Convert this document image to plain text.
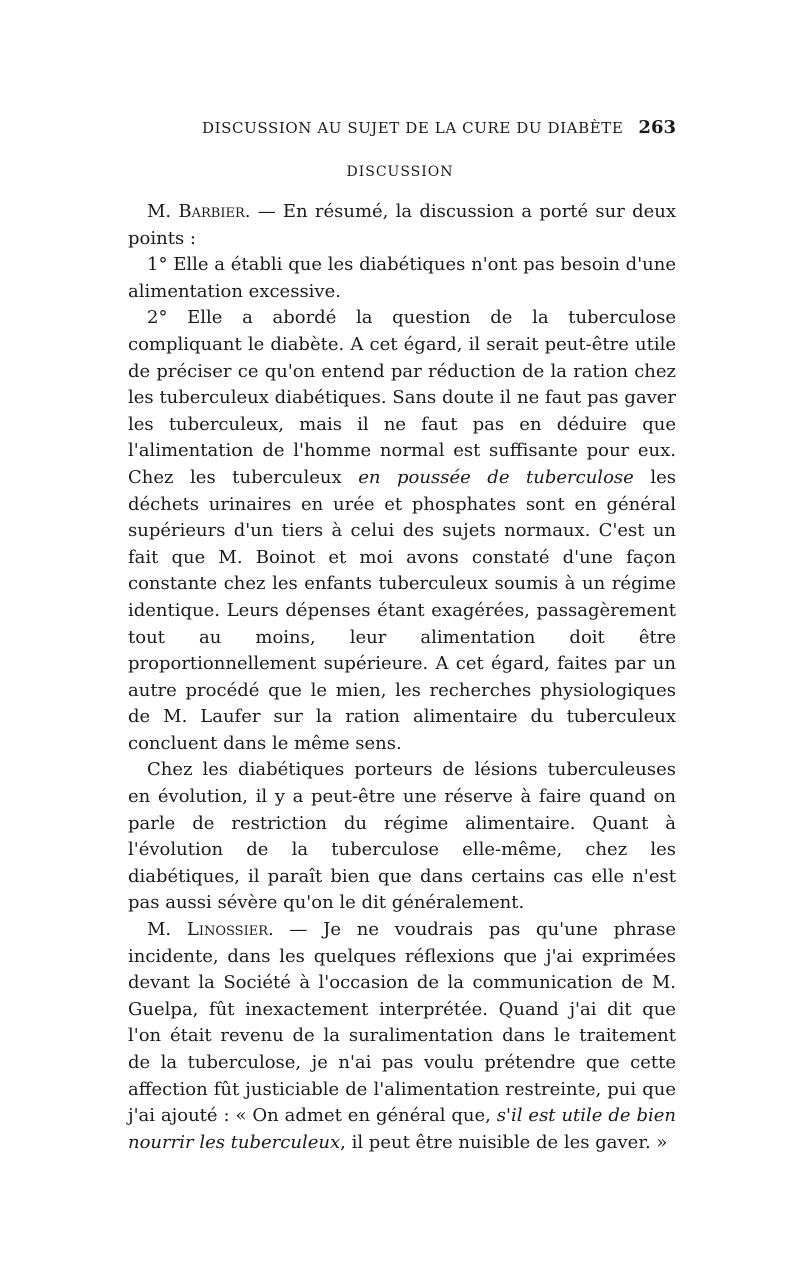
DISCUSSION AU SUJET DE LA CURE DU DIABÈTE 263
DISCUSSION

M. Barbier. — En résumé, la discussion a porté sur deux points :

1° Elle a établi que les diabétiques n'ont pas besoin d'une alimentation excessive.

2° Elle a abordé la question de la tuberculose compliquant le diabète. A cet égard, il serait peut-être utile de préciser ce qu'on entend par réduction de la ration chez les tuberculeux diabétiques. Sans doute il ne faut pas gaver les tuberculeux, mais il ne faut pas en déduire que l'alimentation de l'homme normal est suffisante pour eux. Chez les tuberculeux en poussée de tuberculose les déchets urinaires en urée et phosphates sont en général supérieurs d'un tiers à celui des sujets normaux. C'est un fait que M. Boinot et moi avons constaté d'une façon constante chez les enfants tuberculeux soumis à un régime identique. Leurs dépenses étant exagérées, passagèrement tout au moins, leur alimentation doit être proportionnellement supérieure. A cet égard, faites par un autre procédé que le mien, les recherches physiologiques de M. Laufer sur la ration alimentaire du tuberculeux concluent dans le même sens.

Chez les diabétiques porteurs de lésions tuberculeuses en évolution, il y a peut-être une réserve à faire quand on parle de restriction du régime alimentaire. Quant à l'évolution de la tuberculose elle-même, chez les diabétiques, il paraît bien que dans certains cas elle n'est pas aussi sévère qu'on le dit généralement.

M. Linossier. — Je ne voudrais pas qu'une phrase incidente, dans les quelques réflexions que j'ai exprimées devant la Société à l'occasion de la communication de M. Guelpa, fût inexactement interprétée. Quand j'ai dit que l'on était revenu de la suralimentation dans le traitement de la tuberculose, je n'ai pas voulu prétendre que cette affection fût justiciable de l'alimentation restreinte, pui que j'ai ajouté : « On admet en général que, s'il est utile de bien nourrir les tuberculeux, il peut être nuisible de les gaver. »
